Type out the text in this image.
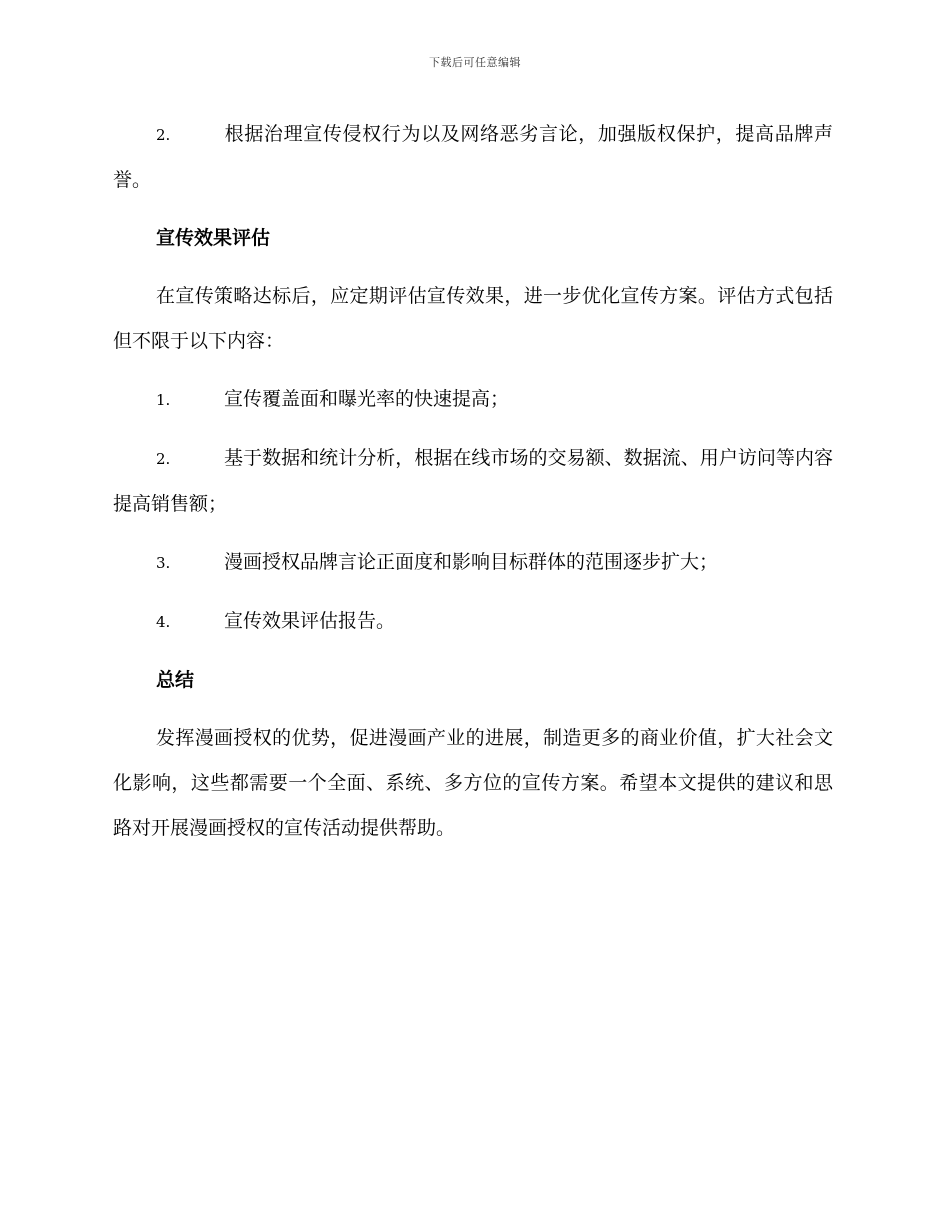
下载后可任意编辑

2.	根据治理宣传侵权行为以及网络恶劣言论，加强版权保护，提高品牌声誉。

宣传效果评估

在宣传策略达标后，应定期评估宣传效果，进一步优化宣传方案。评估方式包括但不限于以下内容：

1.	宣传覆盖面和曝光率的快速提高；

2.	基于数据和统计分析，根据在线市场的交易额、数据流、用户访问等内容提高销售额；

3.	漫画授权品牌言论正面度和影响目标群体的范围逐步扩大；

4.	宣传效果评估报告。

总结

发挥漫画授权的优势，促进漫画产业的进展，制造更多的商业价值，扩大社会文化影响，这些都需要一个全面、系统、多方位的宣传方案。希望本文提供的建议和思路对开展漫画授权的宣传活动提供帮助。
